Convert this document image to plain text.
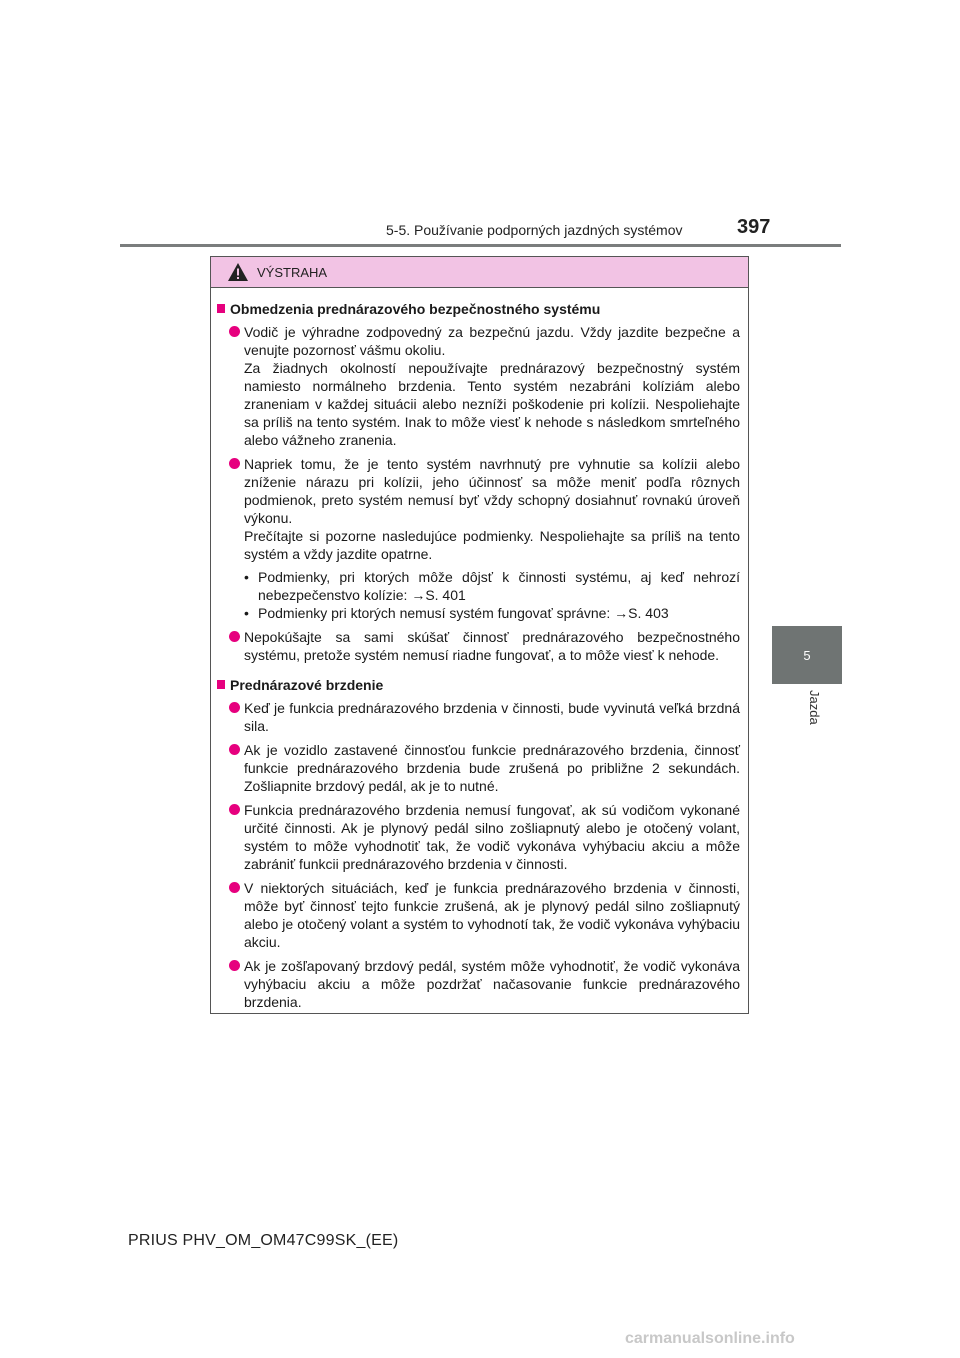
5-5. Používanie podporných jazdných systémov	397
5
Jazda
VÝSTRAHA
Obmedzenia prednárazového bezpečnostného systému

Vodič je výhradne zodpovedný za bezpečnú jazdu. Vždy jazdite bezpečne a venujte pozornosť vášmu okoliu.

Za žiadnych okolností nepoužívajte prednárazový bezpečnostný systém namiesto normálneho brzdenia. Tento systém nezabráni kolíziám alebo zraneniam v každej situácii alebo nezníži poškodenie pri kolízii. Nespoliehajte sa príliš na tento systém. Inak to môže viesť k nehode s následkom smrteľného alebo vážneho zranenia.

Napriek tomu, že je tento systém navrhnutý pre vyhnutie sa kolízii alebo zníženie nárazu pri kolízii, jeho účinnosť sa môže meniť podľa rôznych podmienok, preto systém nemusí byť vždy schopný dosiahnuť rovnakú úroveň výkonu.

Prečítajte si pozorne nasledujúce podmienky. Nespoliehajte sa príliš na tento systém a vždy jazdite opatrne.

• Podmienky, pri ktorých môže dôjsť k činnosti systému, aj keď nehrozí nebezpečenstvo kolízie: →S. 401
• Podmienky pri ktorých nemusí systém fungovať správne: →S. 403

Nepokúšajte sa sami skúšať činnosť prednárazového bezpečnostného systému, pretože systém nemusí riadne fungovať, a to môže viesť k nehode.

Prednárazové brzdenie

Keď je funkcia prednárazového brzdenia v činnosti, bude vyvinutá veľká brzdná sila.

Ak je vozidlo zastavené činnosťou funkcie prednárazového brzdenia, činnosť funkcie prednárazového brzdenia bude zrušená po približne 2 sekundách. Zošliapnite brzdový pedál, ak je to nutné.

Funkcia prednárazového brzdenia nemusí fungovať, ak sú vodičom vykonané určité činnosti. Ak je plynový pedál silno zošliapnutý alebo je otočený volant, systém to môže vyhodnotiť tak, že vodič vykonáva vyhýbaciu akciu a môže zabrániť funkcii prednárazového brzdenia v činnosti.

V niektorých situáciách, keď je funkcia prednárazového brzdenia v činnosti, môže byť činnosť tejto funkcie zrušená, ak je plynový pedál silno zošliapnutý alebo je otočený volant a systém to vyhodnotí tak, že vodič vykonáva vyhýbaciu akciu.

Ak je zošľapovaný brzdový pedál, systém môže vyhodnotiť, že vodič vykonáva vyhýbaciu akciu a môže pozdržať načasovanie funkcie prednárazového brzdenia.

PRIUS PHV_OM_OM47C99SK_(EE)
carmanualsonline.info
